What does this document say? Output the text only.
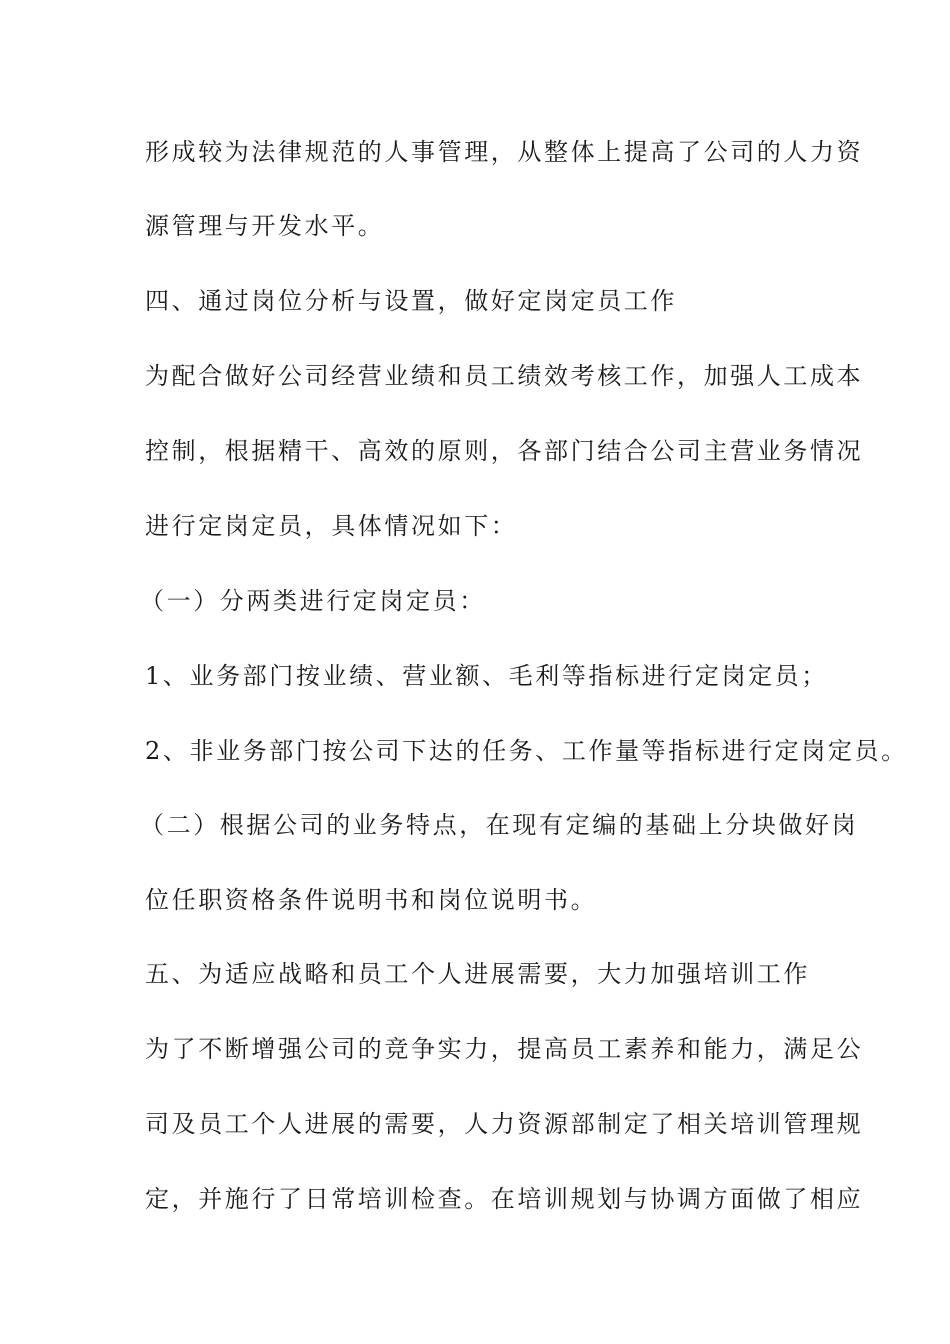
形成较为法律规范的人事管理，从整体上提高了公司的人力资
源管理与开发水平。
四、通过岗位分析与设置，做好定岗定员工作
为配合做好公司经营业绩和员工绩效考核工作，加强人工成本
控制，根据精干、高效的原则，各部门结合公司主营业务情况
进行定岗定员，具体情况如下：
（一）分两类进行定岗定员：
1、业务部门按业绩、营业额、毛利等指标进行定岗定员；
2、非业务部门按公司下达的任务、工作量等指标进行定岗定员。
（二）根据公司的业务特点，在现有定编的基础上分块做好岗
位任职资格条件说明书和岗位说明书。
五、为适应战略和员工个人进展需要，大力加强培训工作
为了不断增强公司的竞争实力，提高员工素养和能力，满足公
司及员工个人进展的需要，人力资源部制定了相关培训管理规
定，并施行了日常培训检查。在培训规划与协调方面做了相应
